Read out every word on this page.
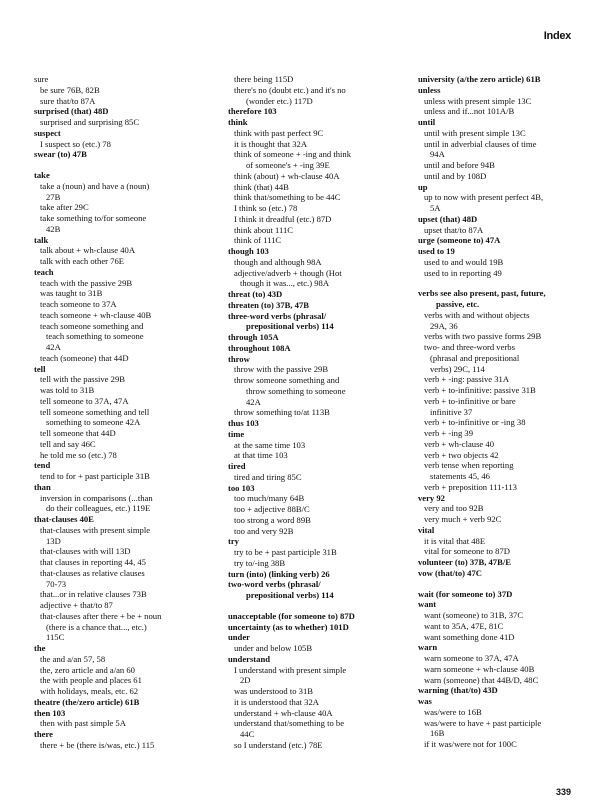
Index
sure
be sure 76B, 82B
sure that/to 87A
surprised (that) 48D
surprised and surprising 85C
suspect
I suspect so (etc.) 78
swear (to) 47B
take
take a (noun) and have a (noun)
27B
take after 29C
take something to/for someone
42B
talk
talk about + wh-clause 40A
talk with each other 76E
teach
teach with the passive 29B
was taught to 31B
teach someone to 37A
teach someone + wh-clause 40B
teach someone something and
teach something to someone
42A
teach (someone) that 44D
tell
tell with the passive 29B
was told to 31B
tell someone to 37A, 47A
tell someone something and tell
something to someone 42A
tell someone that 44D
tell and say 46C
he told me so (etc.) 78
tend
tend to for + past participle 31B
than
inversion in comparisons (...than
do their colleagues, etc.) 119E
that-clauses 40E
that-clauses with present simple
13D
that-clauses with will 13D
that clauses in reporting 44, 45
that-clauses as relative clauses
70-73
that...or in relative clauses 73B
adjective + that/to 87
that-clauses after there + be + noun
(there is a chance that..., etc.)
115C
the
the and a/an 57, 58
the, zero article and a/an 60
the with people and places 61
with holidays, meals, etc. 62
theatre (the/zero article) 61B
then 103
then with past simple 5A
there
there + be (there is/was, etc.) 115
there being 115D
there's no (doubt etc.) and it's no
(wonder etc.) 117D
therefore 103
think
think with past perfect 9C
it is thought that 32A
think of someone + -ing and think
of someone's + -ing 39E
think (about) + wh-clause 40A
think (that) 44B
think that/something to be 44C
I think so (etc.) 78
I think it dreadful (etc.) 87D
think about 111C
think of 111C
though 103
though and although 98A
adjective/adverb + though (Hot
though it was..., etc.) 98A
threat (to) 43D
threaten (to) 37B, 47B
three-word verbs (phrasal/
prepositional verbs) 114
through 105A
throughout 108A
throw
throw with the passive 29B
throw someone something and
throw something to someone
42A
throw something to/at 113B
thus 103
time
at the same time 103
at that time 103
tired
tired and tiring 85C
too 103
too much/many 64B
too + adjective 88B/C
too strong a word 89B
too and very 92B
try
try to be + past participle 31B
try to/-ing 38B
turn (into) (linking verb) 26
two-word verbs (phrasal/
prepositional verbs) 114
unacceptable (for someone to) 87D
uncertainty (as to whether) 101D
under
under and below 105B
understand
I understand with present simple
2D
was understood to 31B
it is understood that 32A
understand + wh-clause 40A
understand that/something to be
44C
so I understand (etc.) 78E
university (a/the zero article) 61B
unless
unless with present simple 13C
unless and if...not 101A/B
until
until with present simple 13C
until in adverbial clauses of time
94A
until and before 94B
until and by 108D
up
up to now with present perfect 4B,
5A
upset (that) 48D
upset that/to 87A
urge (someone to) 47A
used to 19
used to and would 19B
used to in reporting 49
verbs see also present, past, future,
passive, etc.
verbs with and without objects
29A, 36
verbs with two passive forms 29B
two- and three-word verbs
(phrasal and prepositional
verbs) 29C, 114
verb + -ing: passive 31A
verb + to-infinitive: passive 31B
verb + to-infinitive or bare
infinitive 37
verb + to-infinitive or -ing 38
verb + -ing 39
verb + wh-clause 40
verb + two objects 42
verb tense when reporting
statements 45, 46
verb + preposition 111-113
very 92
very and too 92B
very much + verb 92C
vital
it is vital that 48E
vital for someone to 87D
volunteer (to) 37B, 47B/E
vow (that/to) 47C
wait (for someone to) 37D
want
want (someone) to 31B, 37C
want to 35A, 47E, 81C
want something done 41D
warn
warn someone to 37A, 47A
warn someone + wh-clause 40B
warn (someone) that 44B/D, 48C
warning (that/to) 43D
was
was/were to 16B
was/were to have + past participle
16B
if it was/were not for 100C
339
